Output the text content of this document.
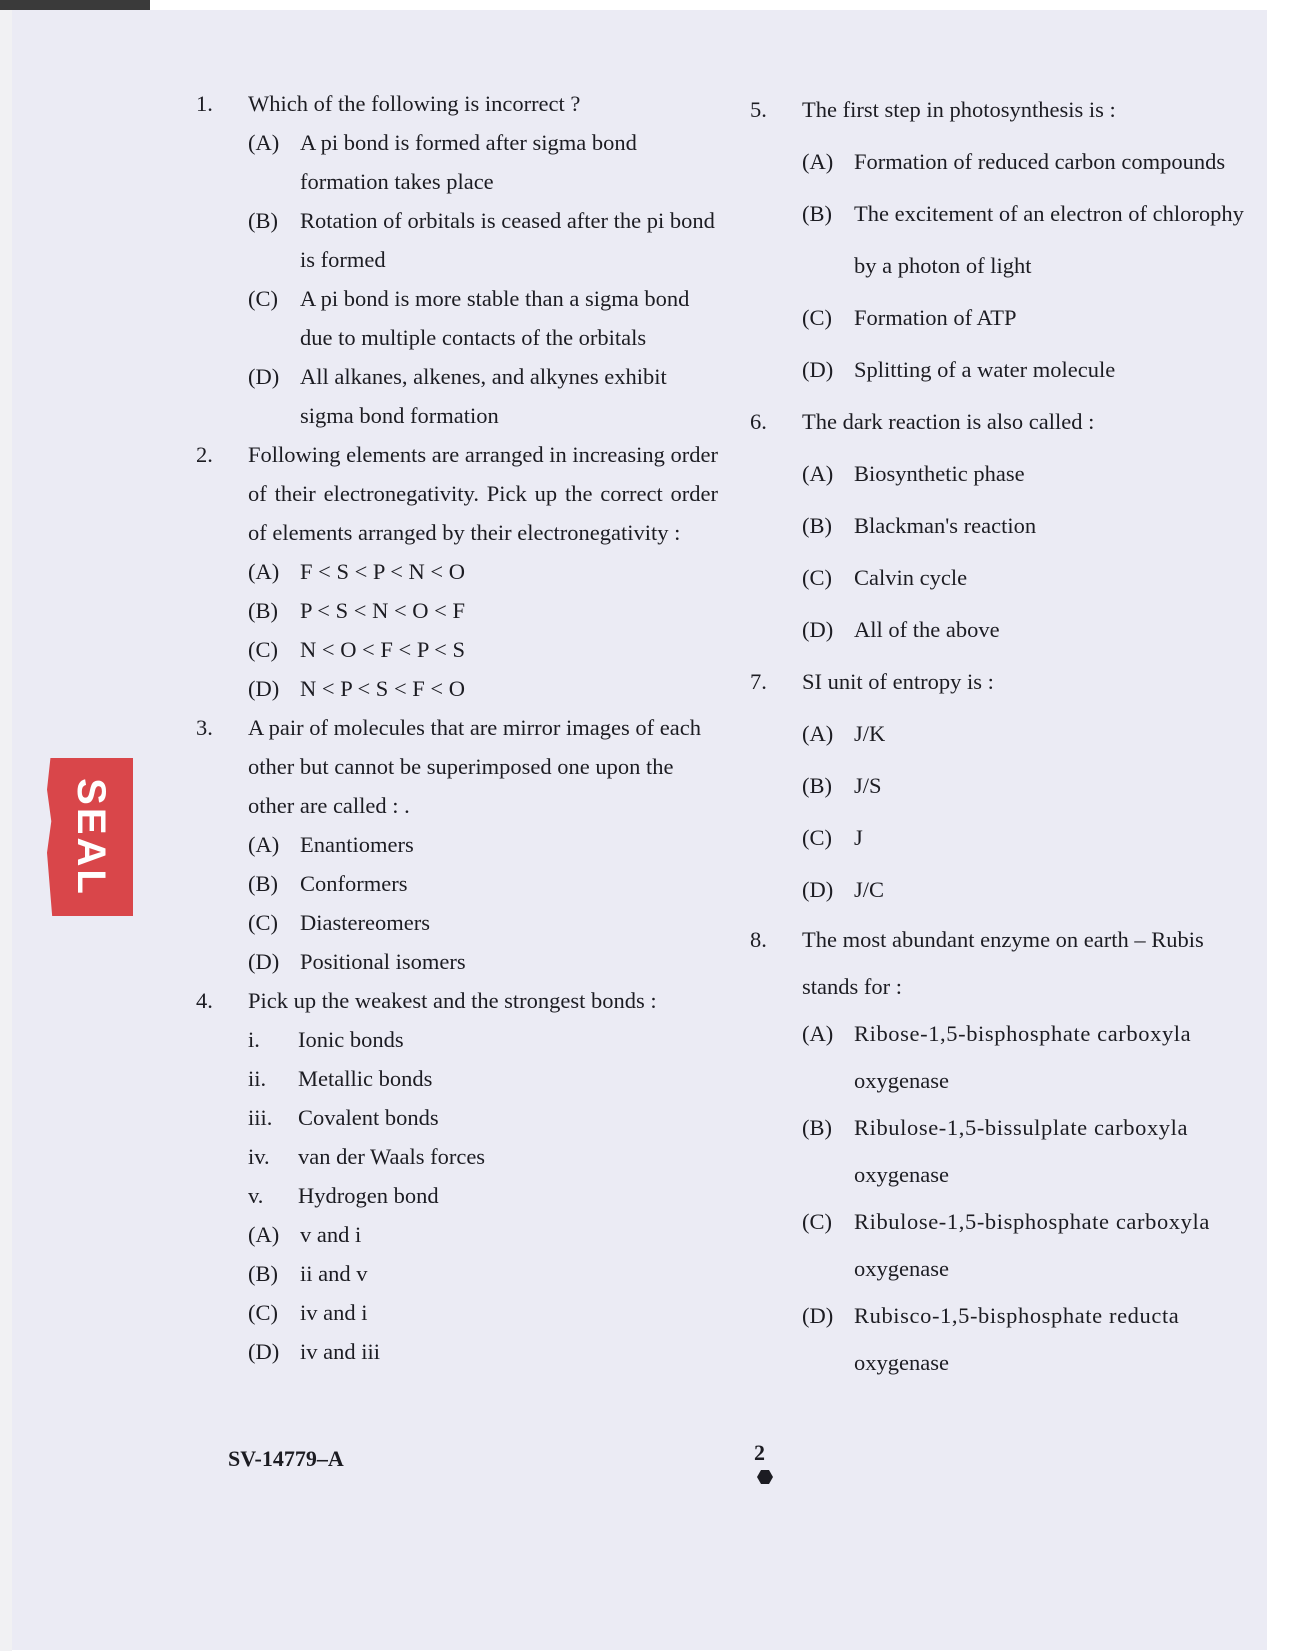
SEAL
1. Which of the following is incorrect ?
(A) A pi bond is formed after sigma bond formation takes place
(B) Rotation of orbitals is ceased after the pi bond is formed
(C) A pi bond is more stable than a sigma bond due to multiple contacts of the orbitals
(D) All alkanes, alkenes, and alkynes exhibit sigma bond formation
2. Following elements are arranged in increasing order of their electronegativity. Pick up the correct order of elements arranged by their electronegativity :
(A) F < S < P < N < O
(B) P < S < N < O < F
(C) N < O < F < P < S
(D) N < P < S < F < O
3. A pair of molecules that are mirror images of each other but cannot be superimposed one upon the other are called : .
(A) Enantiomers
(B) Conformers
(C) Diastereomers
(D) Positional isomers
4. Pick up the weakest and the strongest bonds :
i. Ionic bonds
ii. Metallic bonds
iii. Covalent bonds
iv. van der Waals forces
v. Hydrogen bond
(A) v and i
(B) ii and v
(C) iv and i
(D) iv and iii
5. The first step in photosynthesis is :
(A) Formation of reduced carbon compounds
(B) The excitement of an electron of chlorophy
by a photon of light
(C) Formation of ATP
(D) Splitting of a water molecule
6. The dark reaction is also called :
(A) Biosynthetic phase
(B) Blackman's reaction
(C) Calvin cycle
(D) All of the above
7. SI unit of entropy is :
(A) J/K
(B) J/S
(C) J
(D) J/C
8. The most abundant enzyme on earth – Rubis
stands for :
(A) Ribose-1,5-bisphosphate carboxyla
oxygenase
(B) Ribulose-1,5-bissulplate carboxyla
oxygenase
(C) Ribulose-1,5-bisphosphate carboxyla
oxygenase
(D) Rubisco-1,5-bisphosphate reducta
oxygenase
SV-14779–A	2
